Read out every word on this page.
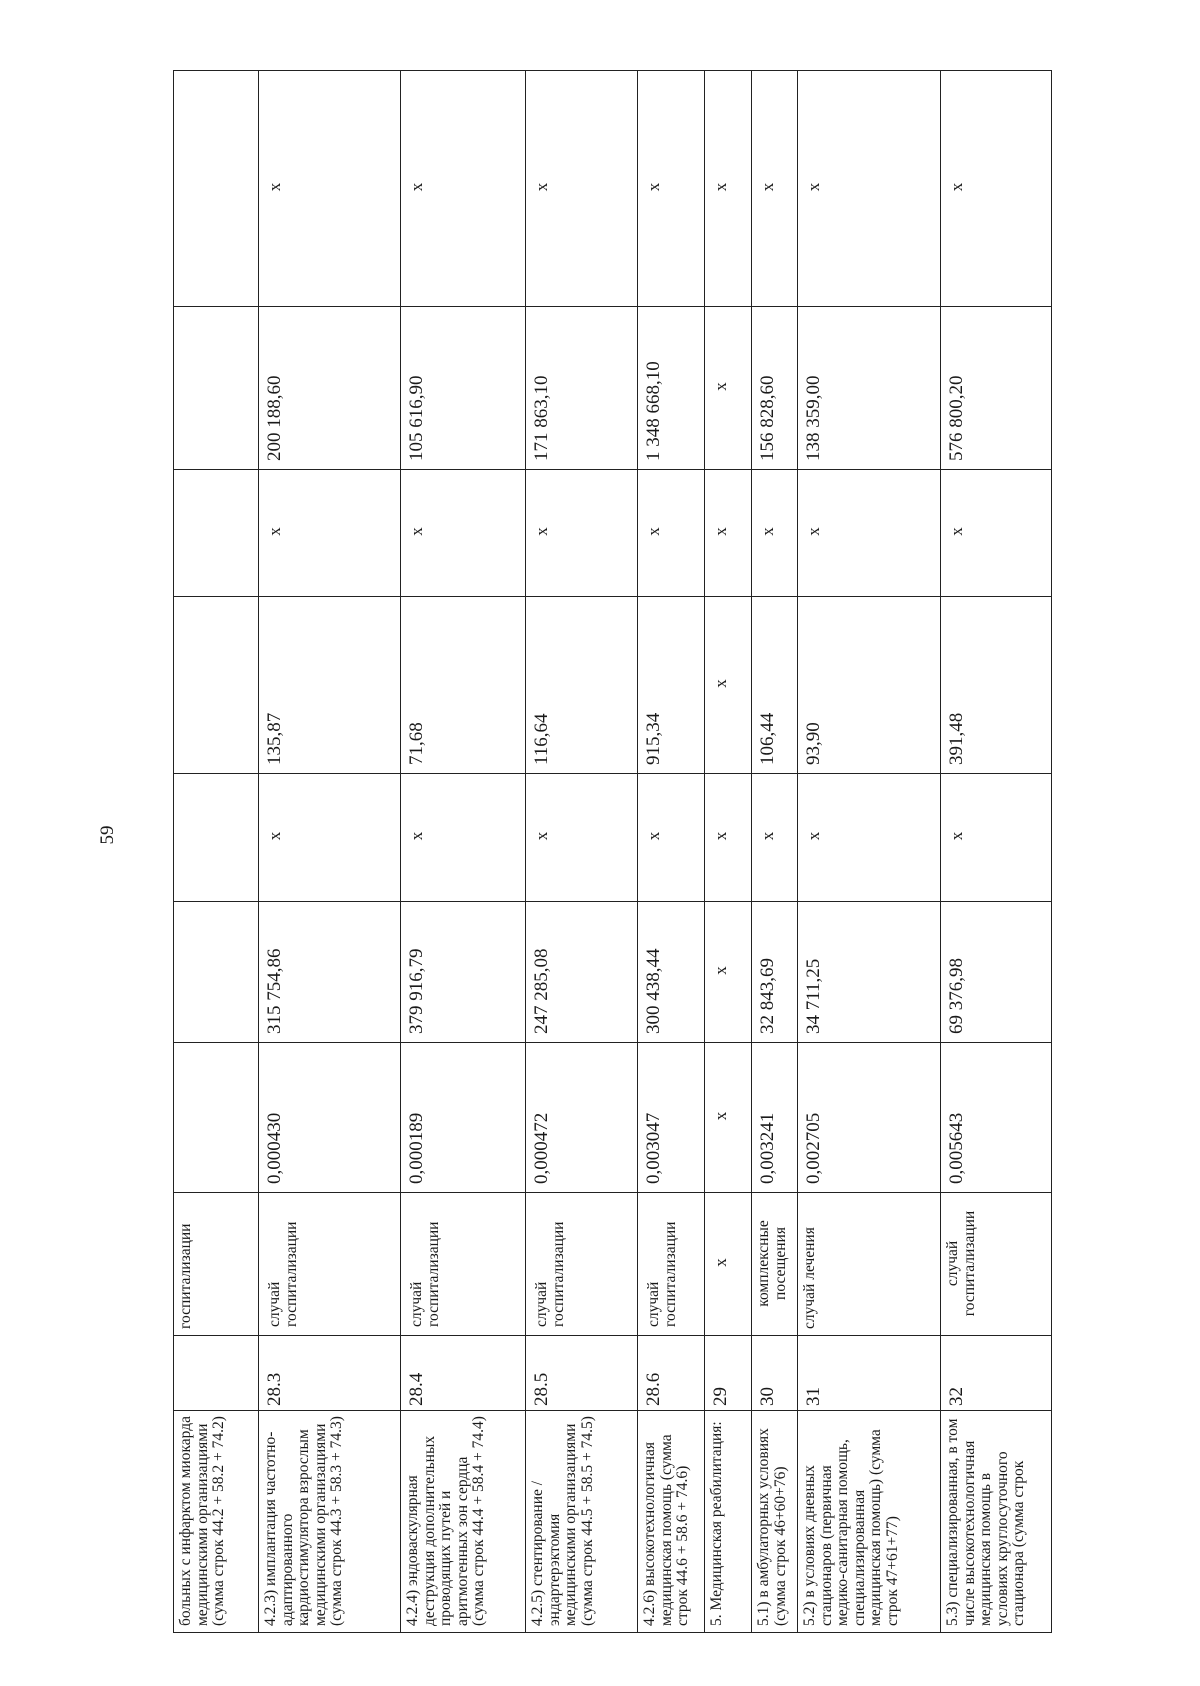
59
больных с инфарктом миокарда медицинскими организациями (сумма строк 44.2 + 58.2 + 74.2)		госпитализации							
4.2.3) имплантация частотно-адаптированного кардиостимулятора взрослым медицинскими организациями (сумма строк 44.3 + 58.3 + 74.3)	28.3	случай госпитализации	0,000430	315 754,86	х	135,87	х	200 188,60	х
4.2.4) эндоваскулярная деструкция дополнительных проводящих путей и аритмогенных зон сердца (сумма строк 44.4 + 58.4 + 74.4)	28.4	случай госпитализации	0,000189	379 916,79	х	71,68	х	105 616,90	х
4.2.5) стентирование / эндартерэктомия медицинскими организациями (сумма строк 44.5 + 58.5 + 74.5)	28.5	случай госпитализации	0,000472	247 285,08	х	116,64	х	171 863,10	х
4.2.6) высокотехнологичная медицинская помощь (сумма строк 44.6 + 58.6 + 74.6)	28.6	случай госпитализации	0,003047	300 438,44	х	915,34	х	1 348 668,10	х
5. Медицинская реабилитация:	29	х	х	х	х	х	х	х	х
5.1) в амбулаторных условиях (сумма строк 46+60+76)	30	комплексные посещения	0,003241	32 843,69	х	106,44	х	156 828,60	х
5.2) в условиях дневных стационаров (первичная медико-санитарная помощь, специализированная медицинская помощь) (сумма строк 47+61+77)	31	случай лечения	0,002705	34 711,25	х	93,90	х	138 359,00	х
5.3) специализированная, в том числе высокотехнологичная медицинская помощь в условиях круглосуточного стационара (сумма строк	32	случай госпитализации	0,005643	69 376,98	х	391,48	х	576 800,20	х
